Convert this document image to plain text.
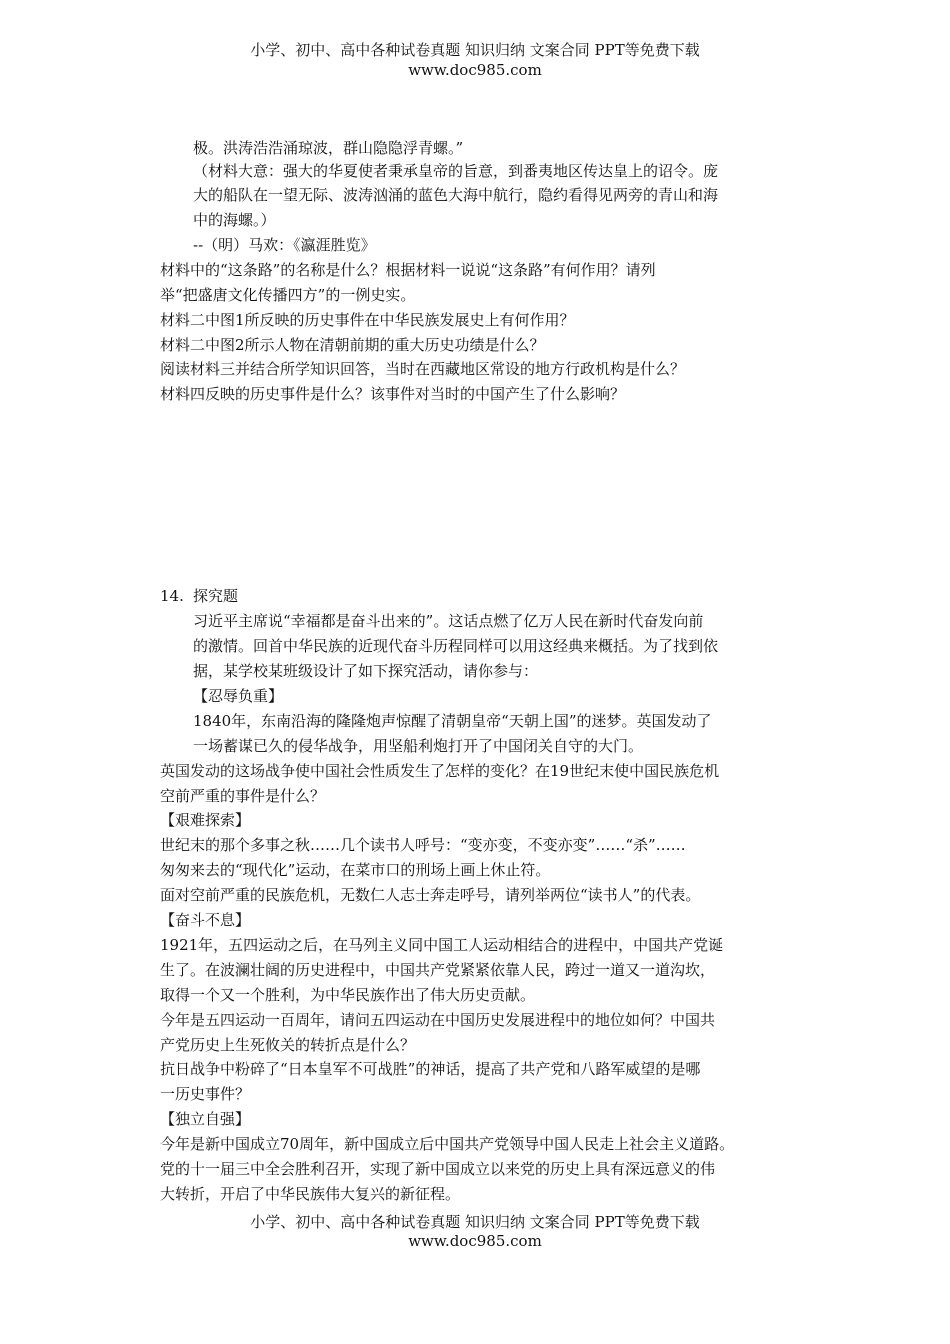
小学、初中、高中各种试卷真题 知识归纳 文案合同 PPT等免费下载
www.doc985.com
极。洪涛浩浩涌琼波，群山隐隐浮青螺。”
（材料大意：强大的华夏使者秉承皇帝的旨意，到番夷地区传达皇上的诏令。庞
大的船队在一望无际、波涛汹涌的蓝色大海中航行，隐约看得见两旁的青山和海
中的海螺。）
--（明）马欢：《瀛涯胜览》
材料中的“这条路”的名称是什么？根据材料一说说“这条路”有何作用？请列
举“把盛唐文化传播四方”的一例史实。
材料二中图1所反映的历史事件在中华民族发展史上有何作用？
材料二中图2所示人物在清朝前期的重大历史功绩是什么？
阅读材料三并结合所学知识回答，当时在西藏地区常设的地方行政机构是什么？
材料四反映的历史事件是什么？该事件对当时的中国产生了什么影响？
14. 探究题
习近平主席说“幸福都是奋斗出来的”。这话点燃了亿万人民在新时代奋发向前
的激情。回首中华民族的近现代奋斗历程同样可以用这经典来概括。为了找到依
据，某学校某班级设计了如下探究活动，请你参与：
【忍辱负重】
1840年，东南沿海的隆隆炮声惊醒了清朝皇帝“天朝上国”的迷梦。英国发动了
一场蓄谋已久的侵华战争，用坚船利炮打开了中国闭关自守的大门。
英国发动的这场战争使中国社会性质发生了怎样的变化？在19世纪末使中国民族危机
空前严重的事件是什么？
【艰难探索】
世纪末的那个多事之秋……几个读书人呼号：“变亦变，不变亦变”……“杀”……
匆匆来去的“现代化”运动，在菜市口的刑场上画上休止符。
面对空前严重的民族危机，无数仁人志士奔走呼号，请列举两位“读书人”的代表。
【奋斗不息】
1921年，五四运动之后，在马列主义同中国工人运动相结合的进程中，中国共产党诞
生了。在波澜壮阔的历史进程中，中国共产党紧紧依靠人民，跨过一道又一道沟坎，
取得一个又一个胜利，为中华民族作出了伟大历史贡献。
今年是五四运动一百周年，请问五四运动在中国历史发展进程中的地位如何？中国共
产党历史上生死攸关的转折点是什么？
抗日战争中粉碎了“日本皇军不可战胜”的神话，提高了共产党和八路军威望的是哪
一历史事件？
【独立自强】
今年是新中国成立70周年，新中国成立后中国共产党领导中国人民走上社会主义道路。
党的十一届三中全会胜利召开，实现了新中国成立以来党的历史上具有深远意义的伟
大转折，开启了中华民族伟大复兴的新征程。
小学、初中、高中各种试卷真题 知识归纳 文案合同 PPT等免费下载
www.doc985.com
